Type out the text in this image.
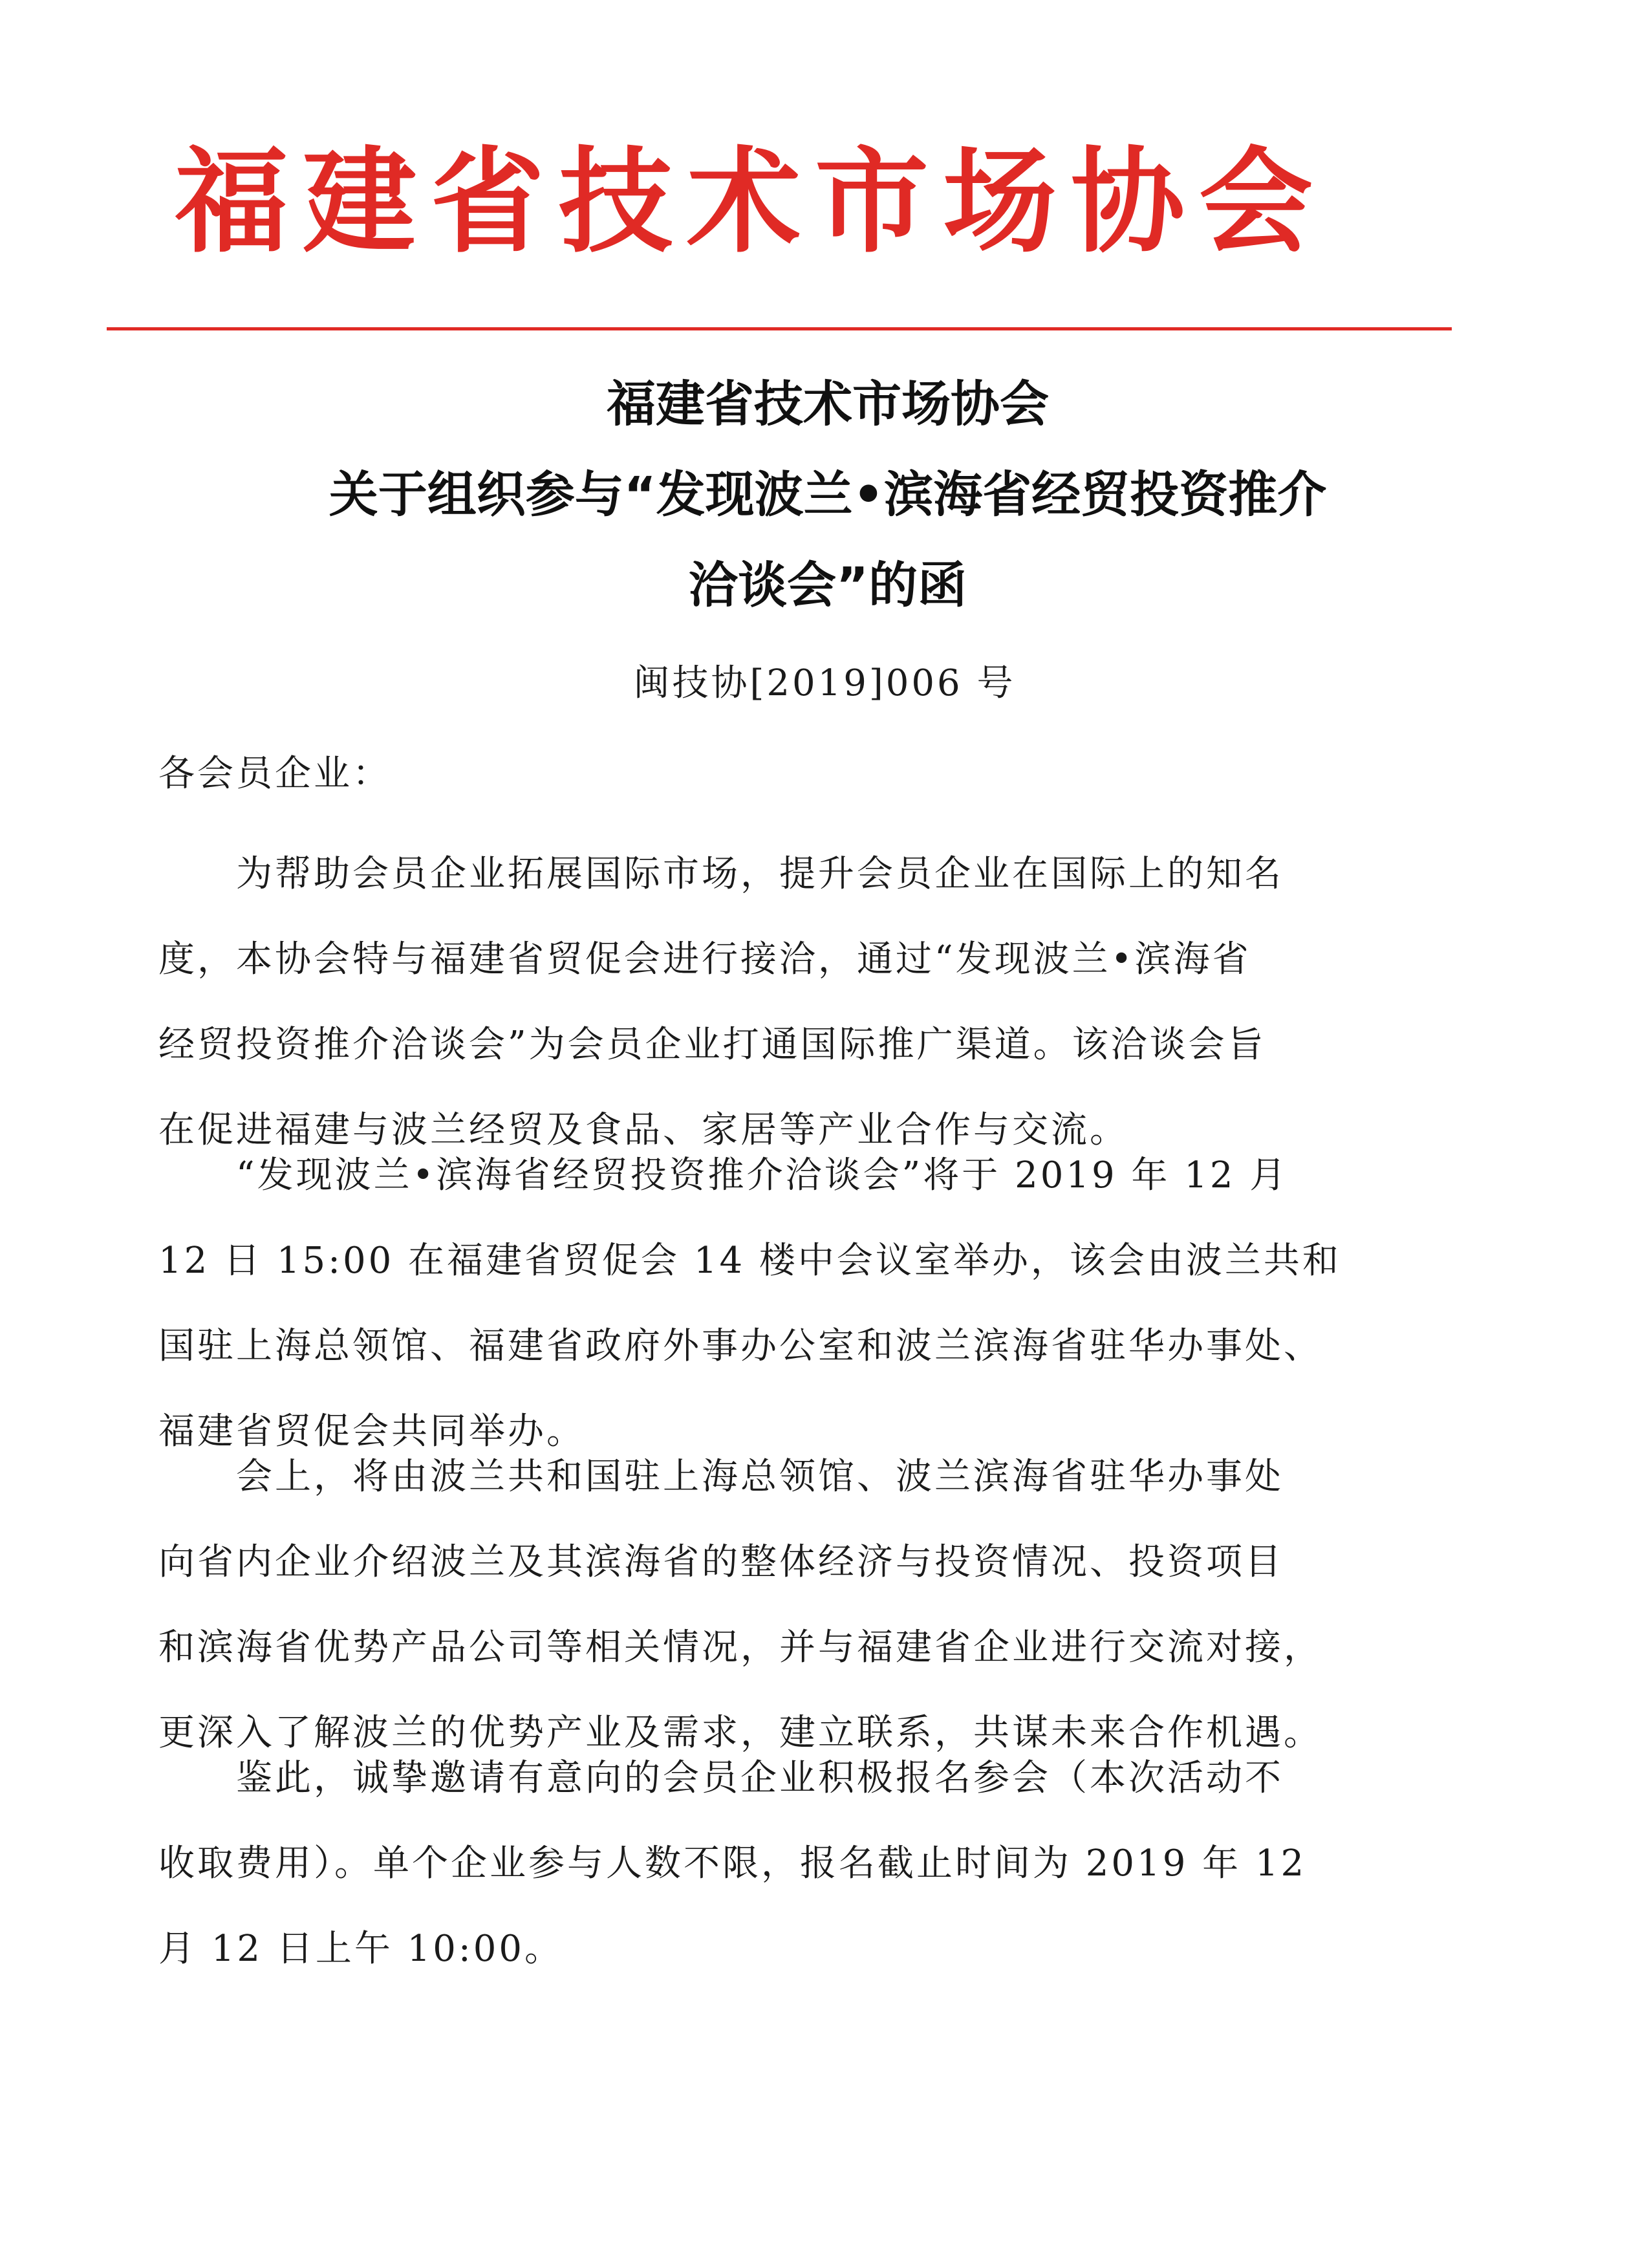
福建省技术市场协会
福建省技术市场协会
关于组织参与“发现波兰•滨海省经贸投资推介
洽谈会”的函
闽技协[2019]006 号
各会员企业：
　　为帮助会员企业拓展国际市场，提升会员企业在国际上的知名
度，本协会特与福建省贸促会进行接洽，通过“发现波兰•滨海省
经贸投资推介洽谈会”为会员企业打通国际推广渠道。该洽谈会旨
在促进福建与波兰经贸及食品、家居等产业合作与交流。
　　“发现波兰•滨海省经贸投资推介洽谈会”将于 2019 年 12 月
12 日 15:00 在福建省贸促会 14 楼中会议室举办，该会由波兰共和
国驻上海总领馆、福建省政府外事办公室和波兰滨海省驻华办事处、
福建省贸促会共同举办。
　　会上，将由波兰共和国驻上海总领馆、波兰滨海省驻华办事处
向省内企业介绍波兰及其滨海省的整体经济与投资情况、投资项目
和滨海省优势产品公司等相关情况，并与福建省企业进行交流对接，
更深入了解波兰的优势产业及需求，建立联系，共谋未来合作机遇。
　　鉴此，诚挚邀请有意向的会员企业积极报名参会（本次活动不
收取费用）。单个企业参与人数不限，报名截止时间为 2019 年 12
月 12 日上午 10:00。
